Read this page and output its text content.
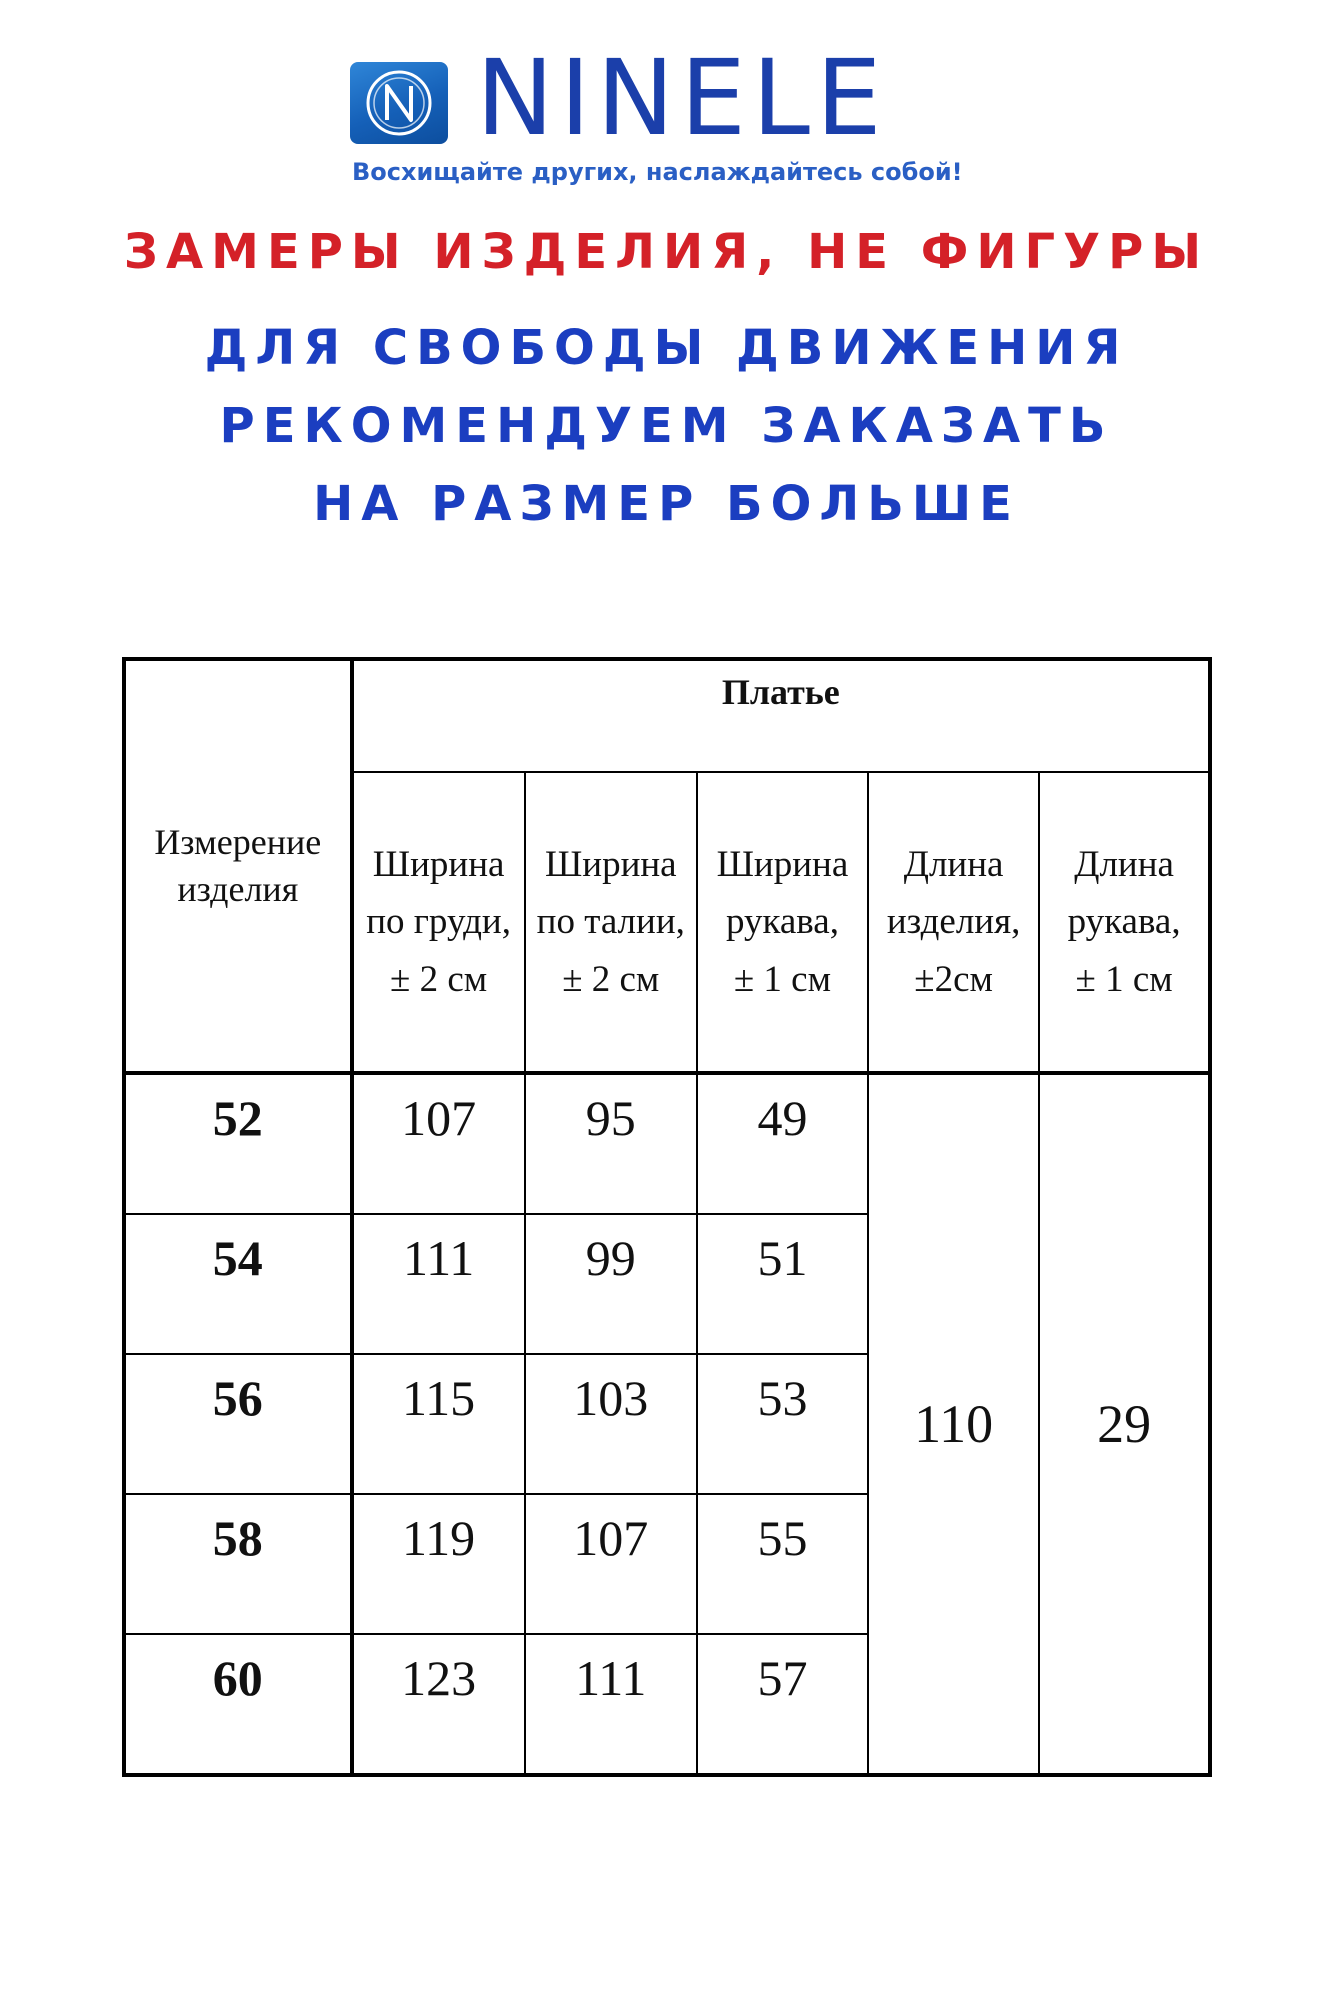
NINELE
Восхищайте других, наслаждайтесь собой!
ЗАМЕРЫ ИЗДЕЛИЯ, НЕ ФИГУРЫ
ДЛЯ СВОБОДЫ ДВИЖЕНИЯ
РЕКОМЕНДУЕМ ЗАКАЗАТЬ
НА РАЗМЕР БОЛЬШЕ
Измерение
изделия	Платье				

	Ширина
по груди,
± 2 см	Ширина
по талии,
± 2 см	Ширина
рукава,
± 1 см	Длина
изделия,
±2см	Длина
рукава,
± 1 см

52	107	95	49	110	29
54	111	99	51		
56	115	103	53		
58	119	107	55		
60	123	111	57		
